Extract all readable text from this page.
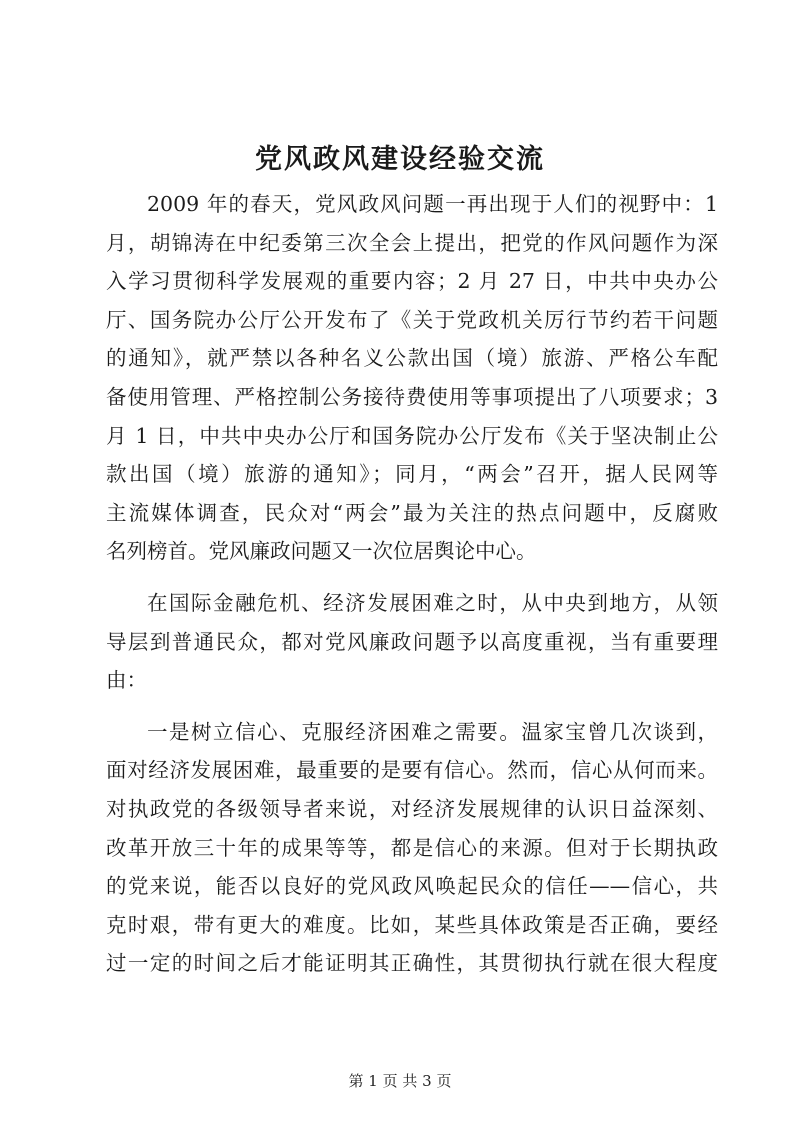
党风政风建设经验交流
2009 年的春天，党风政风问题一再出现于人们的视野中：1
月，胡锦涛在中纪委第三次全会上提出，把党的作风问题作为深
入学习贯彻科学发展观的重要内容；2 月 27 日，中共中央办公
厅、国务院办公厅公开发布了《关于党政机关厉行节约若干问题
的通知》，就严禁以各种名义公款出国（境）旅游、严格公车配
备使用管理、严格控制公务接待费使用等事项提出了八项要求；3
月 1 日，中共中央办公厅和国务院办公厅发布《关于坚决制止公
款出国（境）旅游的通知》；同月，“两会”召开，据人民网等
主流媒体调查，民众对“两会”最为关注的热点问题中，反腐败
名列榜首。党风廉政问题又一次位居舆论中心。
在国际金融危机、经济发展困难之时，从中央到地方，从领
导层到普通民众，都对党风廉政问题予以高度重视，当有重要理
由：
一是树立信心、克服经济困难之需要。温家宝曾几次谈到，
面对经济发展困难，最重要的是要有信心。然而，信心从何而来。
对执政党的各级领导者来说，对经济发展规律的认识日益深刻、
改革开放三十年的成果等等，都是信心的来源。但对于长期执政
的党来说，能否以良好的党风政风唤起民众的信任——信心，共
克时艰，带有更大的难度。比如，某些具体政策是否正确，要经
过一定的时间之后才能证明其正确性，其贯彻执行就在很大程度
第 1 页 共 3 页
